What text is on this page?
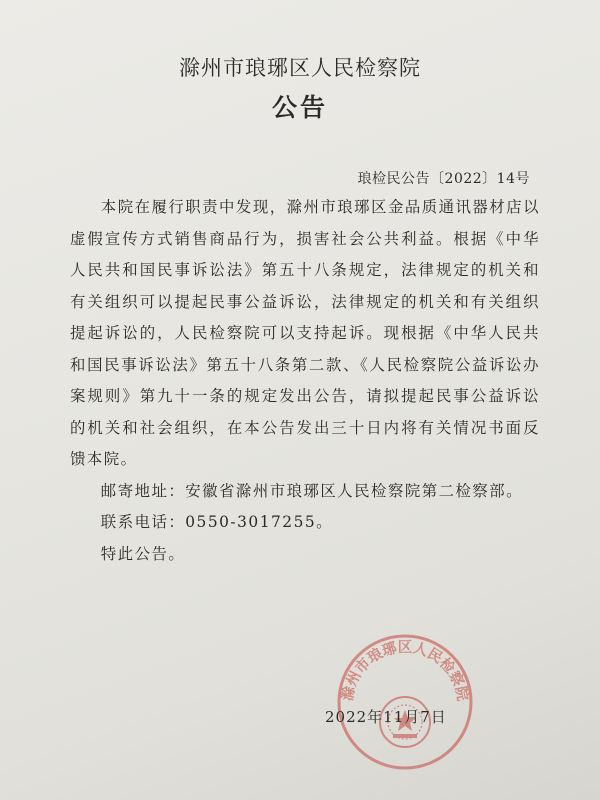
滁州市琅琊区人民检察院
公告
琅检民公告〔2022〕14号

本院在履行职责中发现，滁州市琅琊区金品质通讯器材店以虚假宣传方式销售商品行为，损害社会公共利益。根据《中华人民共和国民事诉讼法》第五十八条规定，法律规定的机关和有关组织可以提起民事公益诉讼，法律规定的机关和有关组织提起诉讼的，人民检察院可以支持起诉。现根据《中华人民共和国民事诉讼法》第五十八条第二款、《人民检察院公益诉讼办案规则》第九十一条的规定发出公告，请拟提起民事公益诉讼的机关和社会组织，在本公告发出三十日内将有关情况书面反馈本院。

邮寄地址：安徽省滁州市琅琊区人民检察院第二检察部。

联系电话：0550-3017255。

特此公告。

滁州市琅琊区人民检察院
2022年11月7日
